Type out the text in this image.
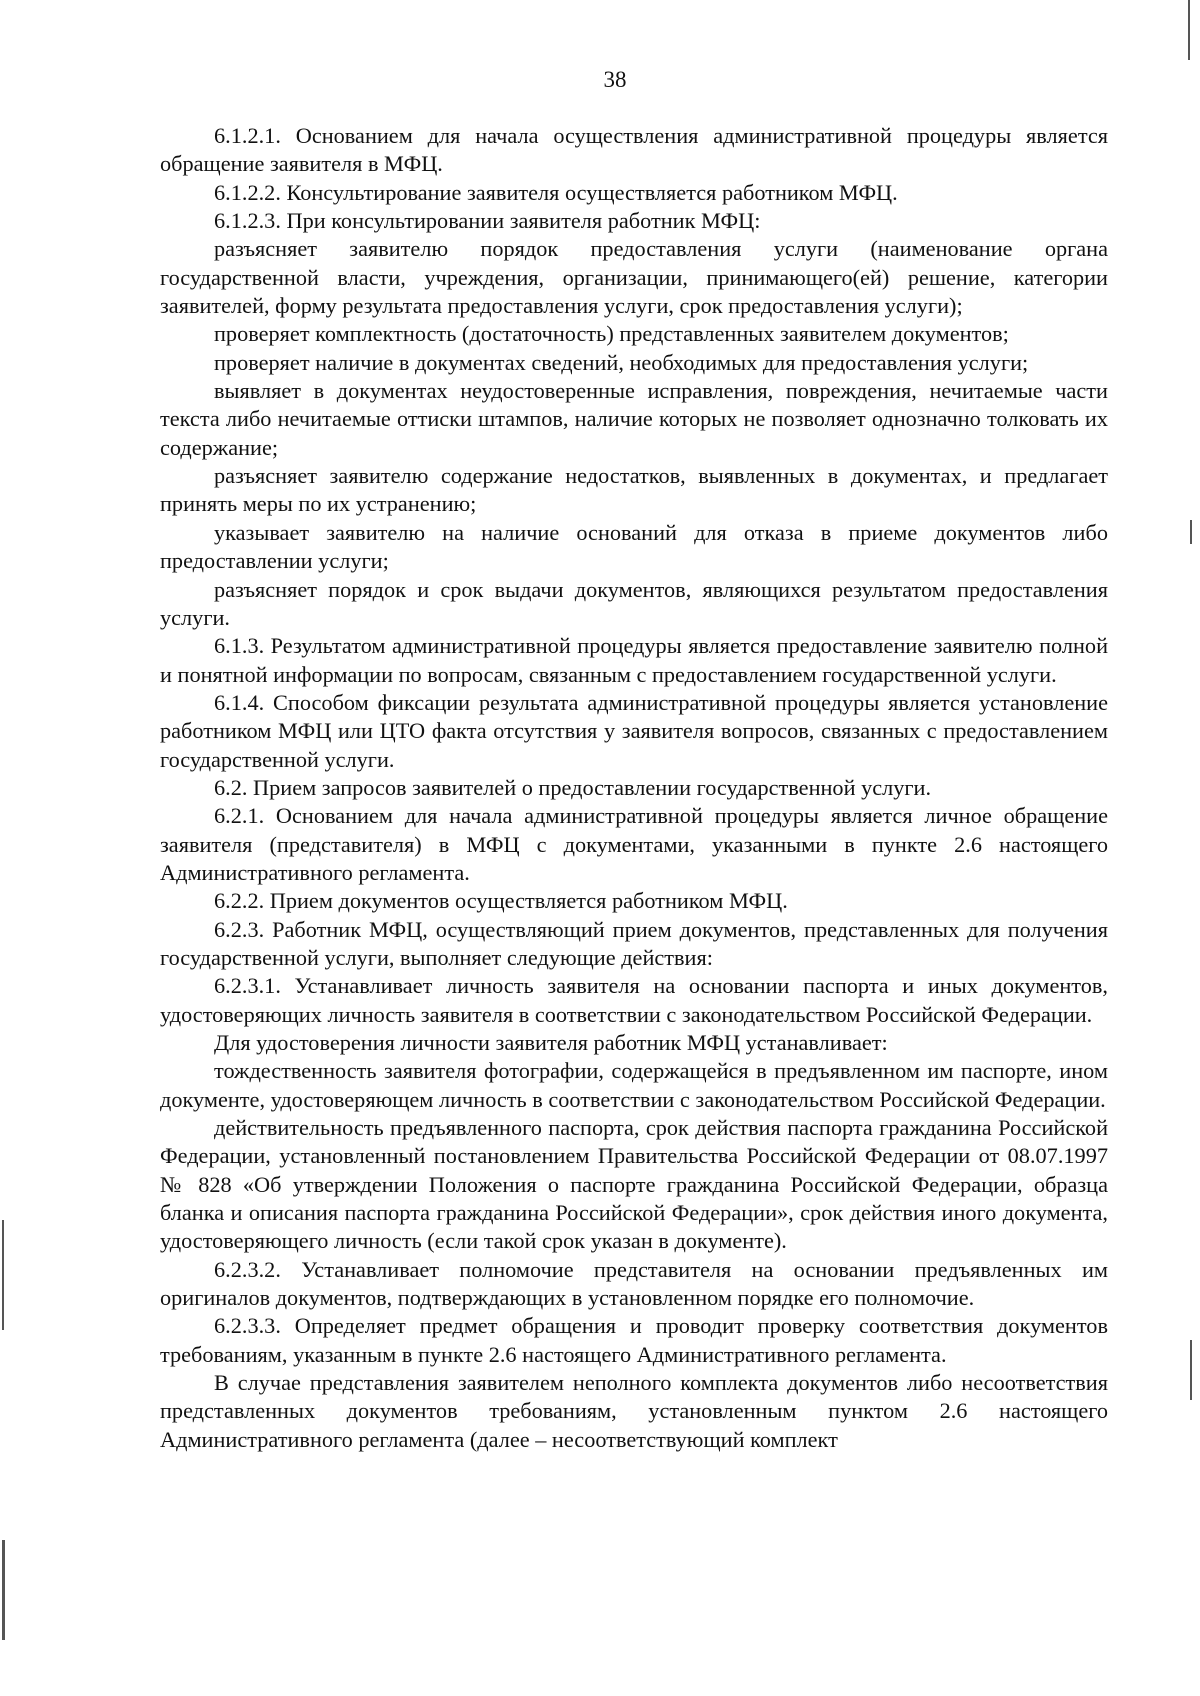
38

6.1.2.1. Основанием для начала осуществления административной процедуры является обращение заявителя в МФЦ.

6.1.2.2. Консультирование заявителя осуществляется работником МФЦ.

6.1.2.3. При консультировании заявителя работник МФЦ:

разъясняет заявителю порядок предоставления услуги (наименование органа государственной власти, учреждения, организации, принимающего(ей) решение, категории заявителей, форму результата предоставления услуги, срок предоставления услуги);

проверяет комплектность (достаточность) представленных заявителем документов;

проверяет наличие в документах сведений, необходимых для предоставления услуги;

выявляет в документах неудостоверенные исправления, повреждения, нечитаемые части текста либо нечитаемые оттиски штампов, наличие которых не позволяет однозначно толковать их содержание;

разъясняет заявителю содержание недостатков, выявленных в документах, и предлагает принять меры по их устранению;

указывает заявителю на наличие оснований для отказа в приеме документов либо предоставлении услуги;

разъясняет порядок и срок выдачи документов, являющихся результатом предоставления услуги.

6.1.3. Результатом административной процедуры является предоставление заявителю полной и понятной информации по вопросам, связанным с предоставлением государственной услуги.

6.1.4. Способом фиксации результата административной процедуры является установление работником МФЦ или ЦТО факта отсутствия у заявителя вопросов, связанных с предоставлением государственной услуги.

6.2. Прием запросов заявителей о предоставлении государственной услуги.

6.2.1. Основанием для начала административной процедуры является личное обращение заявителя (представителя) в МФЦ с документами, указанными в пункте 2.6 настоящего Административного регламента.

6.2.2. Прием документов осуществляется работником МФЦ.

6.2.3. Работник МФЦ, осуществляющий прием документов, представленных для получения государственной услуги, выполняет следующие действия:

6.2.3.1. Устанавливает личность заявителя на основании паспорта и иных документов, удостоверяющих личность заявителя в соответствии с законодательством Российской Федерации.

Для удостоверения личности заявителя работник МФЦ устанавливает:

тождественность заявителя фотографии, содержащейся в предъявленном им паспорте, ином документе, удостоверяющем личность в соответствии с законодательством Российской Федерации.

действительность предъявленного паспорта, срок действия паспорта гражданина Российской Федерации, установленный постановлением Правительства Российской Федерации от 08.07.1997 № 828 «Об утверждении Положения о паспорте гражданина Российской Федерации, образца бланка и описания паспорта гражданина Российской Федерации», срок действия иного документа, удостоверяющего личность (если такой срок указан в документе).

6.2.3.2. Устанавливает полномочие представителя на основании предъявленных им оригиналов документов, подтверждающих в установленном порядке его полномочие.

6.2.3.3. Определяет предмет обращения и проводит проверку соответствия документов требованиям, указанным в пункте 2.6 настоящего Административного регламента.

В случае представления заявителем неполного комплекта документов либо несоответствия представленных документов требованиям, установленным пунктом 2.6 настоящего Административного регламента (далее – несоответствующий комплект
